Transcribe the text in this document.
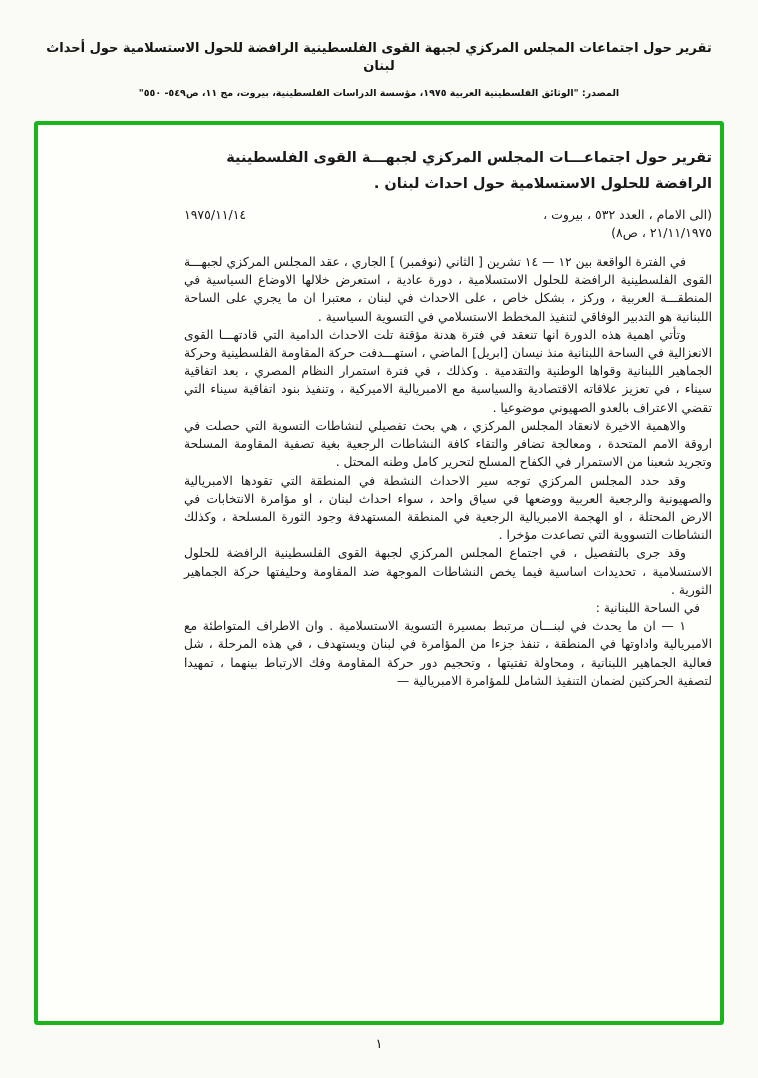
تقرير حول اجتماعات المجلس المركزي لجبهة القوى الفلسطينية الرافضة للحول الاستسلامية حول أحداث لبنان
المصدر: "الوثائق الفلسطينية العربية ١٩٧٥، مؤسسة الدراسات الفلسطينية، بيروت، مج ١١، ص٥٤٩- ٥٥٠"
تقرير حول اجتماعـــات المجلس المركزي لجبهـــة القوى الفلسطينية الرافضة للحلول الاستسلامية حول احداث لبنان .
(الى الامام ، العدد ٥٣٢ ، بيروت ،
١٩٧٥/١١/١٤
٢١/١١/١٩٧٥ ، ص٨)

في الفترة الواقعة بين ١٢ — ١٤ تشرين [ الثاني (نوفمبر) ] الجاري ، عقد المجلس المركزي لجبهـــة القوى الفلسطينية الرافضة للحلول الاستسلامية ، دورة عادية ، استعرض خلالها الاوضاع السياسية في المنطقـــة العربية ، وركز ، بشكل خاص ، على الاحداث في لبنان ، معتبرا ان ما يجري على الساحة اللبنانية هو التدبير الوفاقي لتنفيذ المخطط الاستسلامي في التسوية السياسية .

وتأتي اهمية هذه الدورة انها تنعقد في فترة هدنة مؤقتة تلت الاحداث الدامية التي قادتهـــا القوى الانعزالية في الساحة اللبنانية منذ نيسان [ابريل] الماضي ، استهـــدفت حركة المقاومة الفلسطينية وحركة الجماهير اللبنانية وقواها الوطنية والتقدمية . وكذلك ، في فترة استمرار النظام المصري ، بعد اتفاقية سيناء ، في تعزيز علاقاته الاقتصادية والسياسية مع الامبريالية الاميركية ، وتنفيذ بنود اتفاقية سيناء التي تقضي الاعتراف بالعدو الصهيوني موضوعيا .

والاهمية الاخيرة لانعقاد المجلس المركزي ، هي بحث تفصيلي لنشاطات التسوية التي حصلت في اروقة الامم المتحدة ، ومعالجة تضافر والتقاء كافة النشاطات الرجعية بغية تصفية المقاومة المسلحة وتجريد شعبنا من الاستمرار في الكفاح المسلح لتحرير كامل وطنه المحتل .

وقد حدد المجلس المركزي توجه سير الاحداث النشطة في المنطقة التي تقودها الامبريالية والصهيونية والرجعية العربية ووضعها في سياق واحد ، سواء احداث لبنان ، او مؤامرة الانتخابات في الارض المحتلة ، او الهجمة الامبريالية الرجعية في المنطقة المستهدفة وجود الثورة المسلحة ، وكذلك النشاطات التسووية التي تصاعدت مؤخرا .

وقد جرى بالتفصيل ، في اجتماع المجلس المركزي لجبهة القوى الفلسطينية الرافضة للحلول الاستسلامية ، تحديدات اساسية فيما يخص النشاطات الموجهة ضد المقاومة وحليفتها حركة الجماهير الثورية .

في الساحة اللبنانية :

١ — ان ما يحدث في لبنـــان مرتبط بمسيرة التسوية الاستسلامية . وان الاطراف المتواطئة مع الامبريالية واداوتها في المنطقة ، تنفذ جزءا من المؤامرة في لبنان ويستهدف ، في هذه المرحلة ، شل فعالية الجماهير اللبنانية ، ومحاولة تفتيتها ، وتحجيم دور حركة المقاومة وفك الارتباط بينهما ، تمهيدا لتصفية الحركتين لضمان التنفيذ الشامل للمؤامرة الامبريالية —

١
